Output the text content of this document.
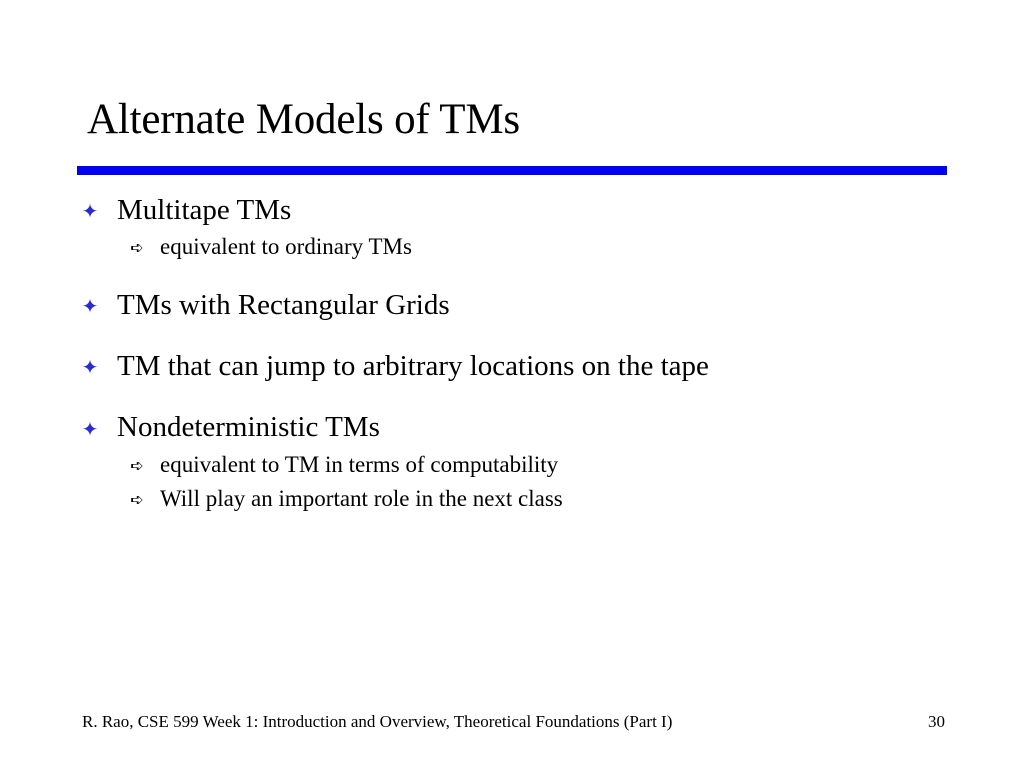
Alternate Models of TMs
✦ Multitape TMs
➪ equivalent to ordinary TMs
✦ TMs with Rectangular Grids
✦ TM that can jump to arbitrary locations on the tape
✦ Nondeterministic TMs
➪ equivalent to TM in terms of computability
➪ Will play an important role in the next class
R. Rao, CSE 599 Week 1: Introduction and Overview, Theoretical Foundations (Part I)	30
